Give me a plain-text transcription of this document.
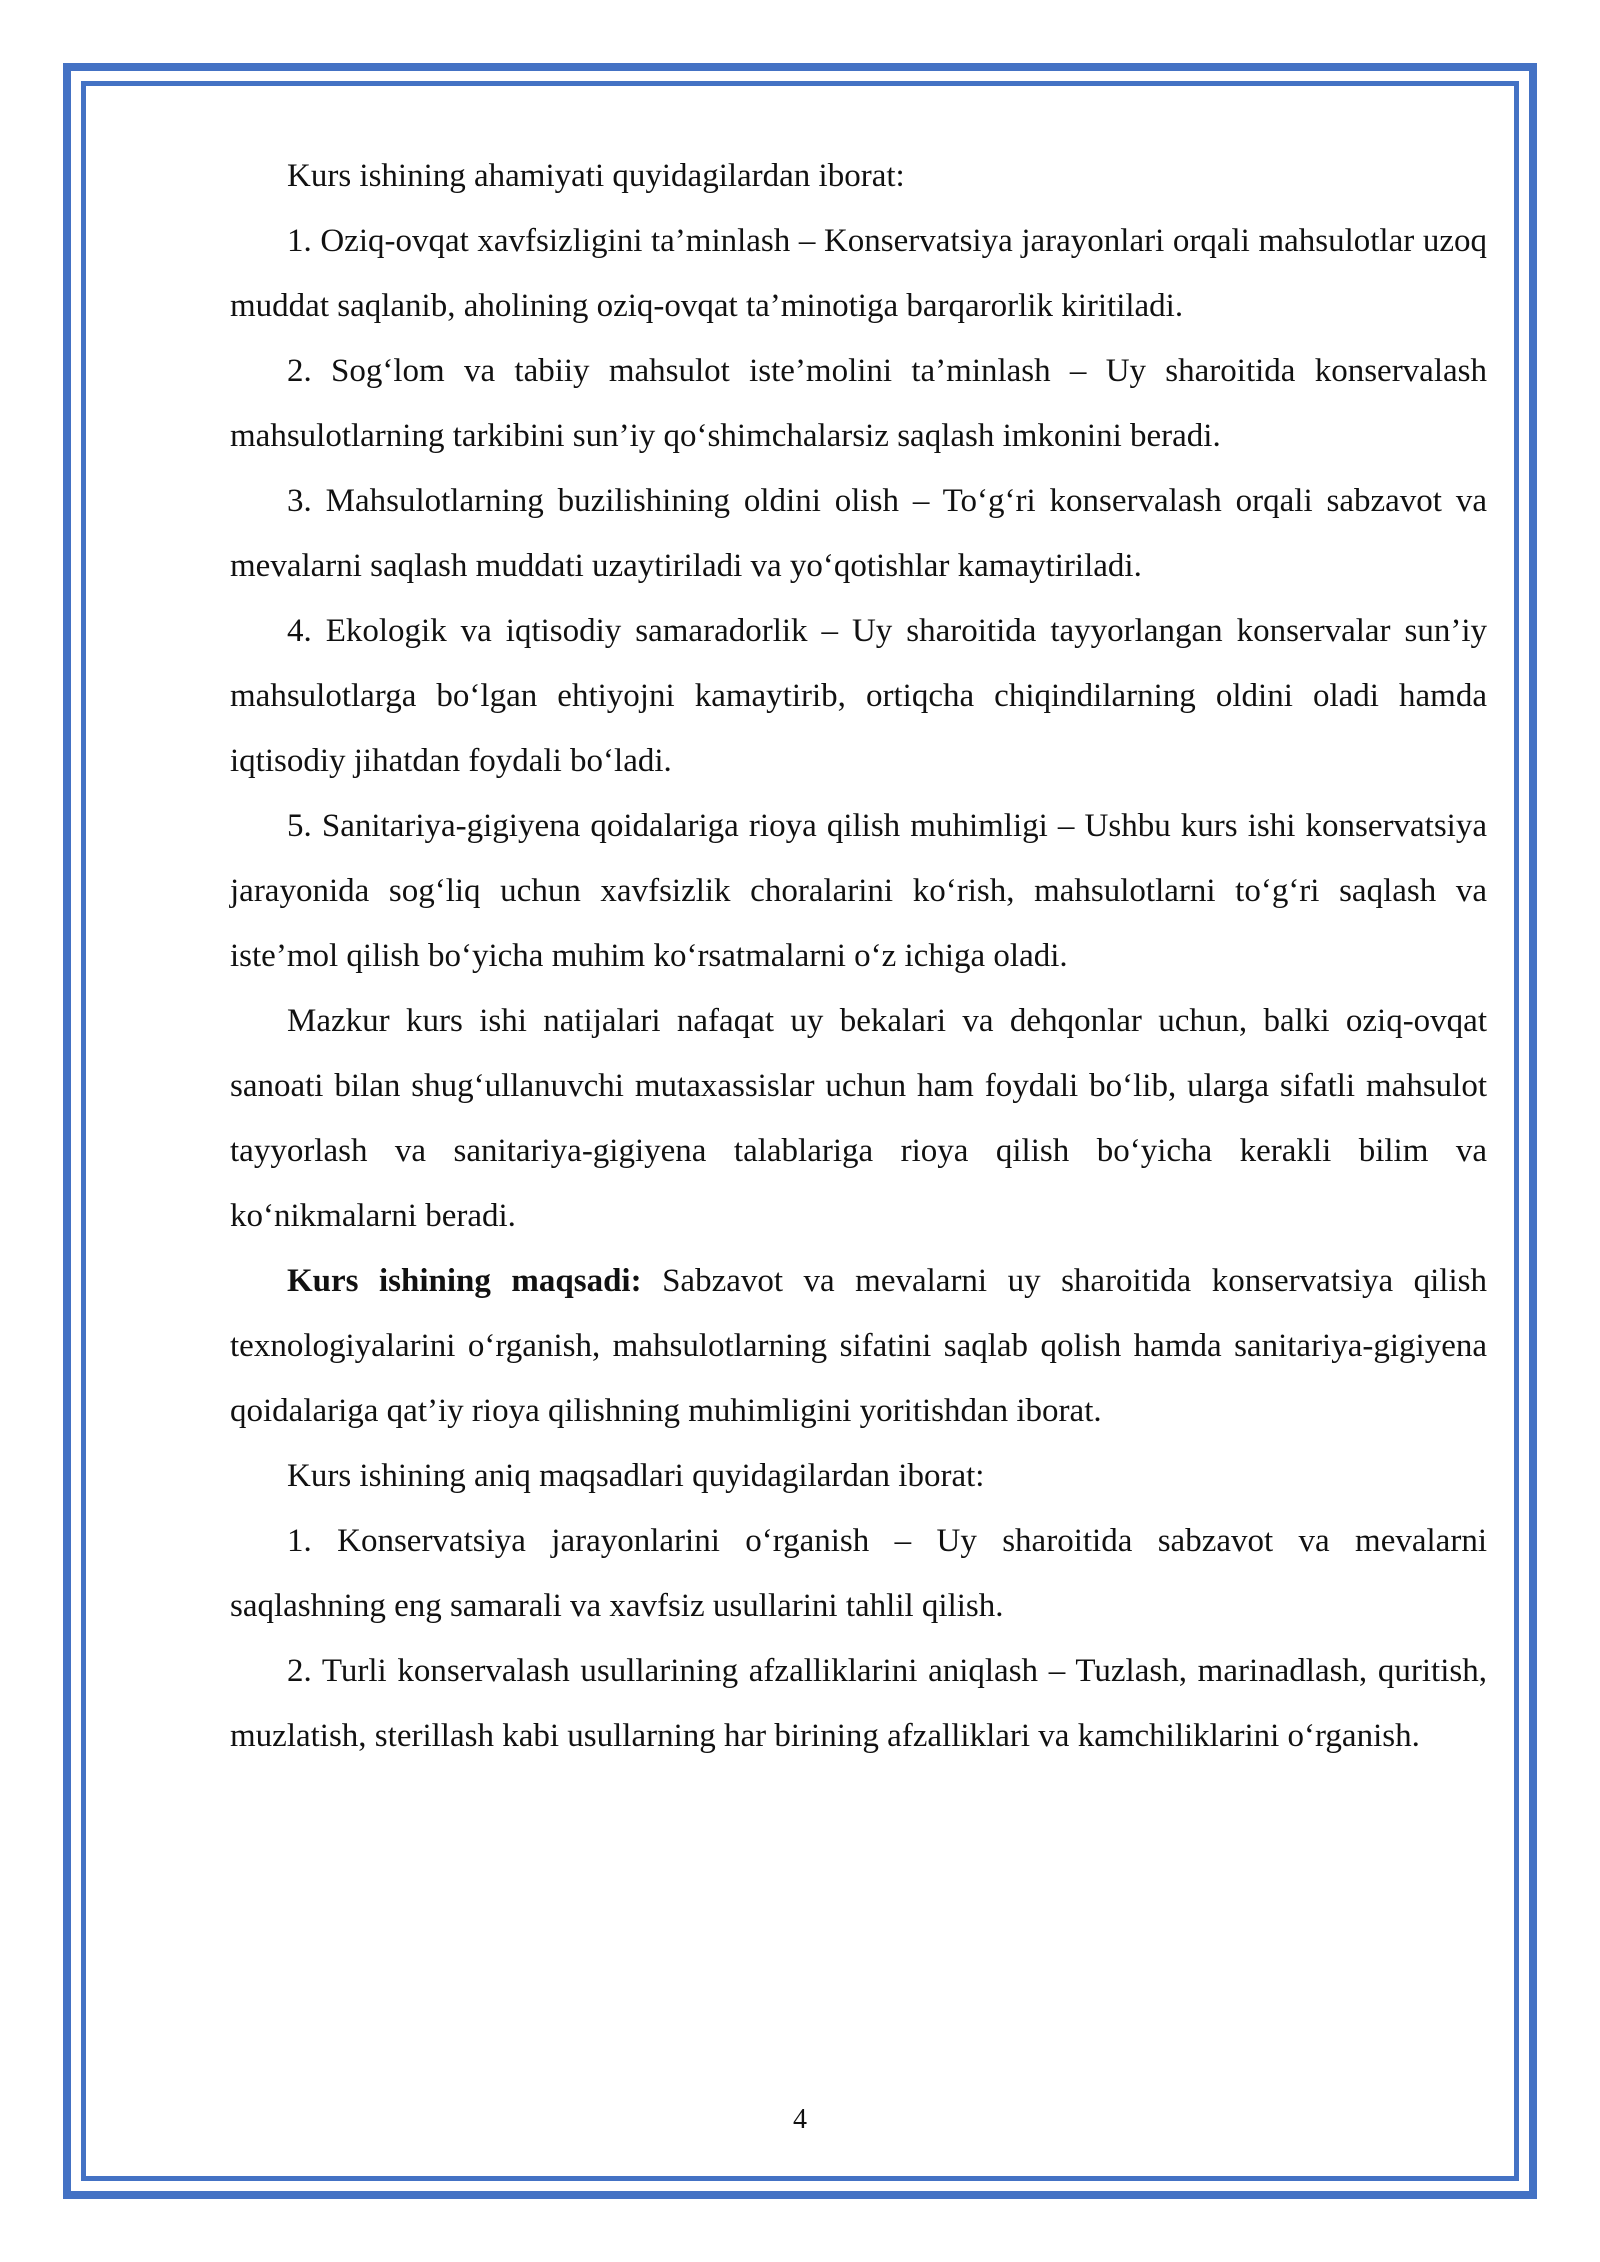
Kurs ishining ahamiyati quyidagilardan iborat:

1. Oziq-ovqat xavfsizligini ta’minlash – Konservatsiya jarayonlari orqali mahsulotlar uzoq muddat saqlanib, aholining oziq-ovqat ta’minotiga barqarorlik kiritiladi.

2. Sog‘lom va tabiiy mahsulot iste’molini ta’minlash – Uy sharoitida konservalash mahsulotlarning tarkibini sun’iy qo‘shimchalarsiz saqlash imkonini beradi.

3. Mahsulotlarning buzilishining oldini olish – To‘g‘ri konservalash orqali sabzavot va mevalarni saqlash muddati uzaytiriladi va yo‘qotishlar kamaytiriladi.

4. Ekologik va iqtisodiy samaradorlik – Uy sharoitida tayyorlangan konservalar sun’iy mahsulotlarga bo‘lgan ehtiyojni kamaytirib, ortiqcha chiqindilarning oldini oladi hamda iqtisodiy jihatdan foydali bo‘ladi.

5. Sanitariya-gigiyena qoidalariga rioya qilish muhimligi – Ushbu kurs ishi konservatsiya jarayonida sog‘liq uchun xavfsizlik choralarini ko‘rish, mahsulotlarni to‘g‘ri saqlash va iste’mol qilish bo‘yicha muhim ko‘rsatmalarni o‘z ichiga oladi.

Mazkur kurs ishi natijalari nafaqat uy bekalari va dehqonlar uchun, balki oziq-ovqat sanoati bilan shug‘ullanuvchi mutaxassislar uchun ham foydali bo‘lib, ularga sifatli mahsulot tayyorlash va sanitariya-gigiyena talablariga rioya qilish bo‘yicha kerakli bilim va ko‘nikmalarni beradi.

Kurs ishining maqsadi: Sabzavot va mevalarni uy sharoitida konservatsiya qilish texnologiyalarini o‘rganish, mahsulotlarning sifatini saqlab qolish hamda sanitariya-gigiyena qoidalariga qat’iy rioya qilishning muhimligini yoritishdan iborat.

Kurs ishining aniq maqsadlari quyidagilardan iborat:

1. Konservatsiya jarayonlarini o‘rganish – Uy sharoitida sabzavot va mevalarni saqlashning eng samarali va xavfsiz usullarini tahlil qilish.

2. Turli konservalash usullarining afzalliklarini aniqlash – Tuzlash, marinadlash, quritish, muzlatish, sterillash kabi usullarning har birining afzalliklari va kamchiliklarini o‘rganish.

4
